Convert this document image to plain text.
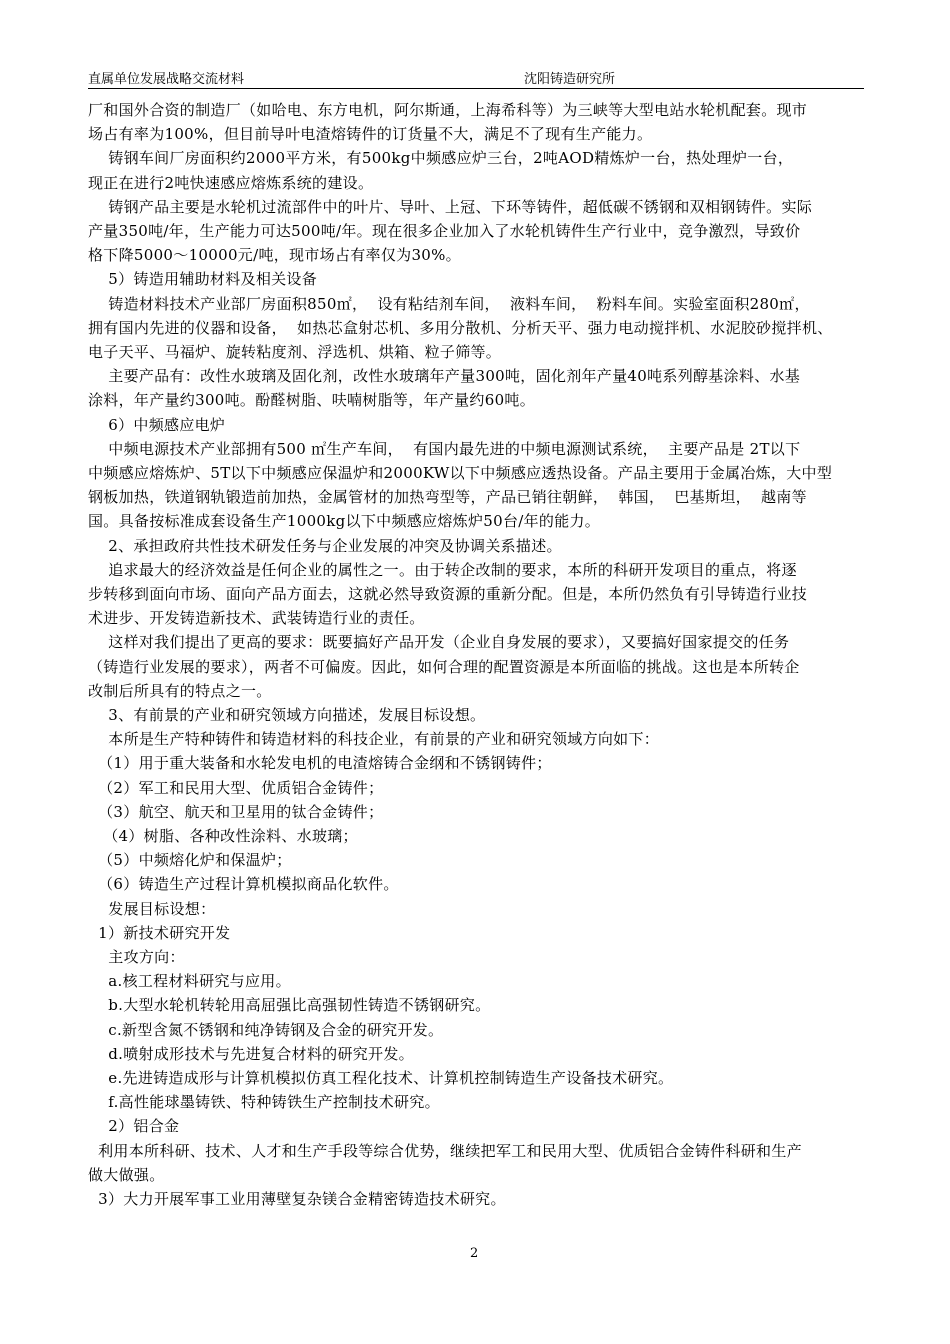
直属单位发展战略交流材料	沈阳铸造研究所
厂和国外合资的制造厂（如哈电、东方电机，阿尔斯通，上海希科等）为三峡等大型电站水轮机配套。现市
场占有率为100%，但目前导叶电渣熔铸件的订货量不大，满足不了现有生产能力。
铸钢车间厂房面积约2000平方米，有500kg中频感应炉三台，2吨AOD精炼炉一台，热处理炉一台，
现正在进行2吨快速感应熔炼系统的建设。
铸钢产品主要是水轮机过流部件中的叶片、导叶、上冠、下环等铸件，超低碳不锈钢和双相钢铸件。实际
产量350吨/年，生产能力可达500吨/年。现在很多企业加入了水轮机铸件生产行业中，竞争激烈，导致价
格下降5000～10000元/吨，现市场占有率仅为30%。
5）铸造用辅助材料及相关设备
铸造材料技术产业部厂房面积850㎡，  设有粘结剂车间，  液料车间，  粉料车间。实验室面积280㎡，
拥有国内先进的仪器和设备，  如热芯盒射芯机、多用分散机、分析天平、强力电动搅拌机、水泥胶砂搅拌机、
电子天平、马福炉、旋转粘度剂、浮选机、烘箱、粒子筛等。
主要产品有：改性水玻璃及固化剂，改性水玻璃年产量300吨，固化剂年产量40吨系列醇基涂料、水基
涂料，年产量约300吨。酚醛树脂、呋喃树脂等，年产量约60吨。
6）中频感应电炉
中频电源技术产业部拥有500 ㎡生产车间，  有国内最先进的中频电源测试系统，  主要产品是 2T以下
中频感应熔炼炉、5T以下中频感应保温炉和2000KW以下中频感应透热设备。产品主要用于金属冶炼，大中型
钢板加热，铁道钢轨锻造前加热，金属管材的加热弯型等，产品已销往朝鲜，  韩国，  巴基斯坦，  越南等
国。具备按标准成套设备生产1000kg以下中频感应熔炼炉50台/年的能力。
2、承担政府共性技术研发任务与企业发展的冲突及协调关系描述。
追求最大的经济效益是任何企业的属性之一。由于转企改制的要求，本所的科研开发项目的重点，将逐
步转移到面向市场、面向产品方面去，这就必然导致资源的重新分配。但是，本所仍然负有引导铸造行业技
术进步、开发铸造新技术、武装铸造行业的责任。
这样对我们提出了更高的要求：既要搞好产品开发（企业自身发展的要求），又要搞好国家提交的任务
（铸造行业发展的要求），两者不可偏废。因此，如何合理的配置资源是本所面临的挑战。这也是本所转企
改制后所具有的特点之一。
3、有前景的产业和研究领域方向描述，发展目标设想。
本所是生产特种铸件和铸造材料的科技企业，有前景的产业和研究领域方向如下：
（1）用于重大装备和水轮发电机的电渣熔铸合金纲和不锈钢铸件；
（2）军工和民用大型、优质铝合金铸件；
（3）航空、航天和卫星用的钛合金铸件；
（4）树脂、各种改性涂料、水玻璃；
（5）中频熔化炉和保温炉；
（6）铸造生产过程计算机模拟商品化软件。
发展目标设想：
1）新技术研究开发
主攻方向：
a.核工程材料研究与应用。
b.大型水轮机转轮用高屈强比高强韧性铸造不锈钢研究。
c.新型含氮不锈钢和纯净铸钢及合金的研究开发。
d.喷射成形技术与先进复合材料的研究开发。
e.先进铸造成形与计算机模拟仿真工程化技术、计算机控制铸造生产设备技术研究。
f.高性能球墨铸铁、特种铸铁生产控制技术研究。
2）铝合金
利用本所科研、技术、人才和生产手段等综合优势，继续把军工和民用大型、优质铝合金铸件科研和生产
做大做强。
3）大力开展军事工业用薄壁复杂镁合金精密铸造技术研究。
2
